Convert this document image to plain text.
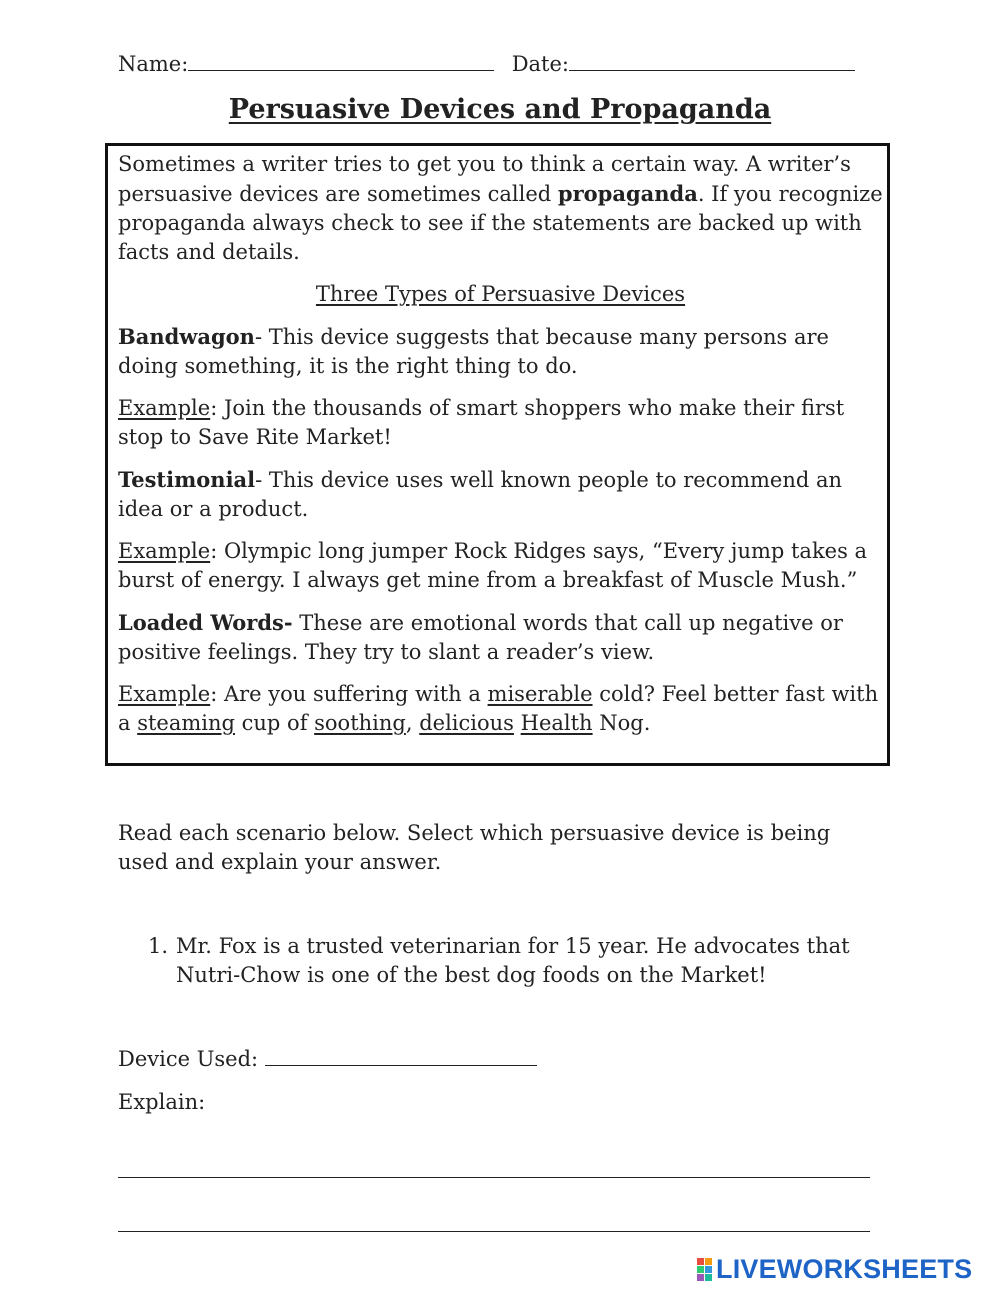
Name:	Date:
Persuasive Devices and Propaganda

Sometimes a writer tries to get you to think a certain way. A writer’s persuasive devices are sometimes called propaganda. If you recognize propaganda always check to see if the statements are backed up with facts and details.

Three Types of Persuasive Devices

Bandwagon- This device suggests that because many persons are doing something, it is the right thing to do.

Example: Join the thousands of smart shoppers who make their first stop to Save Rite Market!

Testimonial- This device uses well known people to recommend an idea or a product.

Example: Olympic long jumper Rock Ridges says, “Every jump takes a burst of energy. I always get mine from a breakfast of Muscle Mush.”

Loaded Words- These are emotional words that call up negative or positive feelings. They try to slant a reader’s view.

Example: Are you suffering with a miserable cold? Feel better fast with a steaming cup of soothing, delicious Health Nog.

Read each scenario below. Select which persuasive device is being used and explain your answer.
1. Mr. Fox is a trusted veterinarian for 15 year. He advocates that Nutri-Chow is one of the best dog foods on the Market!
Device Used:
Explain:
LIVEWORKSHEETS
